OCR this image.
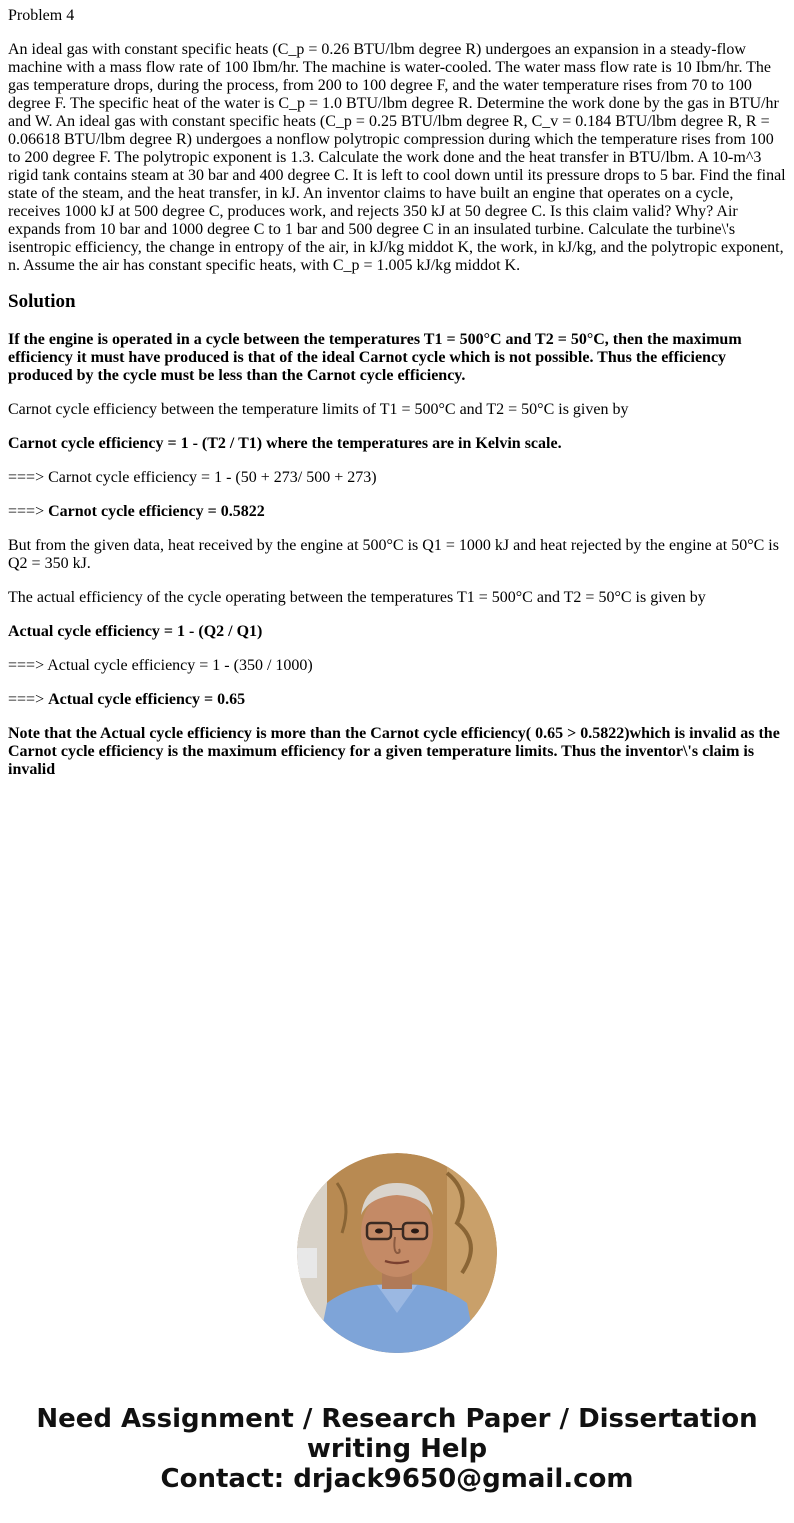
Problem 4

An ideal gas with constant specific heats (C_p = 0.26 BTU/lbm degree R) undergoes an expansion in a steady-flow machine with a mass flow rate of 100 Ibm/hr. The machine is water-cooled. The water mass flow rate is 10 Ibm/hr. The gas temperature drops, during the process, from 200 to 100 degree F, and the water temperature rises from 70 to 100 degree F. The specific heat of the water is C_p = 1.0 BTU/lbm degree R. Determine the work done by the gas in BTU/hr and W. An ideal gas with constant specific heats (C_p = 0.25 BTU/lbm degree R, C_v = 0.184 BTU/lbm degree R, R = 0.06618 BTU/lbm degree R) undergoes a nonflow polytropic compression during which the temperature rises from 100 to 200 degree F. The polytropic exponent is 1.3. Calculate the work done and the heat transfer in BTU/lbm. A 10-m^3 rigid tank contains steam at 30 bar and 400 degree C. It is left to cool down until its pressure drops to 5 bar. Find the final state of the steam, and the heat transfer, in kJ. An inventor claims to have built an engine that operates on a cycle, receives 1000 kJ at 500 degree C, produces work, and rejects 350 kJ at 50 degree C. Is this claim valid? Why? Air expands from 10 bar and 1000 degree C to 1 bar and 500 degree C in an insulated turbine. Calculate the turbine\'s isentropic efficiency, the change in entropy of the air, in kJ/kg middot K, the work, in kJ/kg, and the polytropic exponent, n. Assume the air has constant specific heats, with C_p = 1.005 kJ/kg middot K.

Solution

If the engine is operated in a cycle between the temperatures T1 = 500°C and T2 = 50°C, then the maximum efficiency it must have produced is that of the ideal Carnot cycle which is not possible. Thus the efficiency produced by the cycle must be less than the Carnot cycle efficiency.

Carnot cycle efficiency between the temperature limits of T1 = 500°C and T2 = 50°C is given by

Carnot cycle efficiency = 1 - (T2 / T1) where the temperatures are in Kelvin scale.

===> Carnot cycle efficiency = 1 - (50 + 273/ 500 + 273)

===> Carnot cycle efficiency = 0.5822

But from the given data, heat received by the engine at 500°C is Q1 = 1000 kJ and heat rejected by the engine at 50°C is Q2 = 350 kJ.

The actual efficiency of the cycle operating between the temperatures T1 = 500°C and T2 = 50°C is given by

Actual cycle efficiency = 1 - (Q2 / Q1)

===> Actual cycle efficiency = 1 - (350 / 1000)

===> Actual cycle efficiency = 0.65

Note that the Actual cycle efficiency is more than the Carnot cycle efficiency( 0.65 > 0.5822)which is invalid as the Carnot cycle efficiency is the maximum efficiency for a given temperature limits. Thus the inventor\'s claim is invalid

Need Assignment / Research Paper / Dissertation
writing Help
Contact: drjack9650@gmail.com
